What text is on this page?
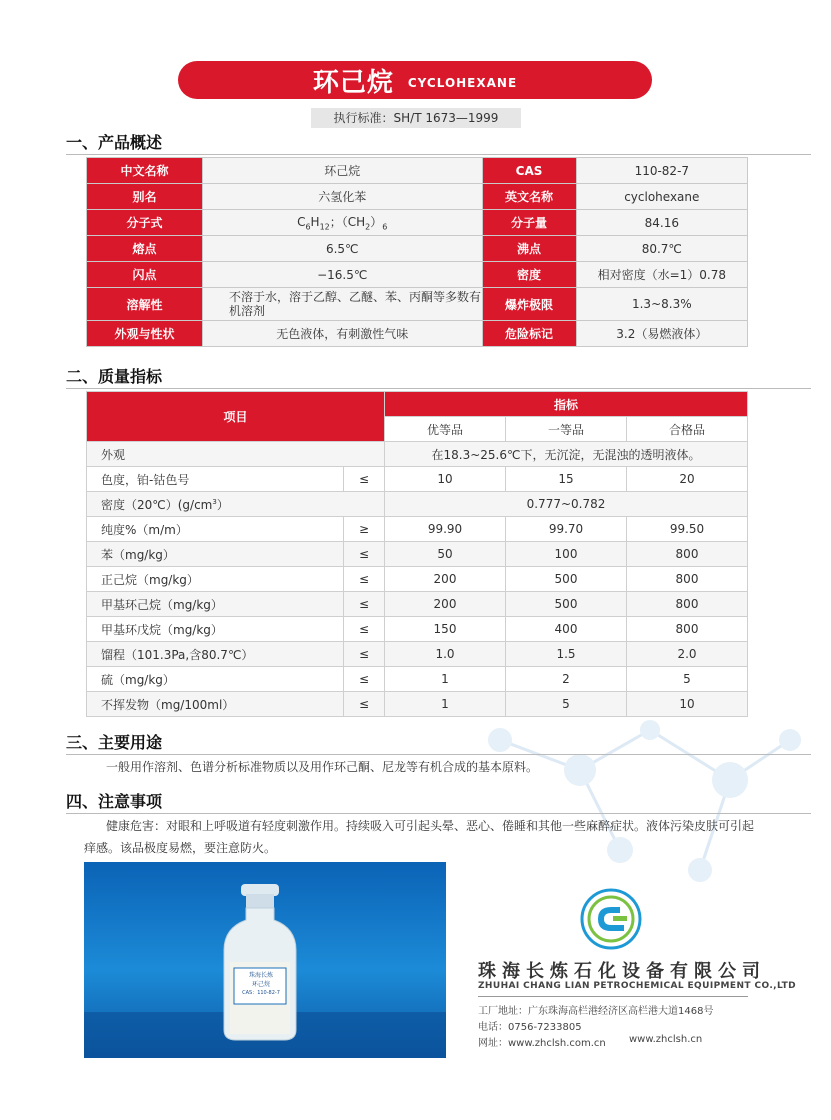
环己烷 CYCLOHEXANE
执行标准：SH/T 1673—1999
一、产品概述
中文名称	环己烷	CAS	110-82-7
别名	六氢化苯	英文名称	cyclohexane
分子式	$C_6H_{12}$；$(CH_2)_6$	分子量	84.16
熔点	6.5℃	沸点	80.7℃
闪点	−16.5℃	密度	相对密度（水=1）0.78
溶解性	不溶于水，溶于乙醇、乙醚、苯、丙酮等多数有机溶剂	爆炸极限	1.3~8.3%
外观与性状	无色液体，有刺激性气味	危险标记	3.2（易燃液体）
二、质量指标
项目		指标		
		优等品	一等品	合格品
外观		在18.3~25.6℃下，无沉淀，无混浊的透明液体。		
色度，铂-钴色号	≤	10	15	20
密度$(20℃)(g/cm^3)$		0.777~0.782		
纯度%（m/m）	≥	99.90	99.70	99.50
苯（mg/kg）	≤	50	100	800
正己烷（mg/kg）	≤	200	500	800
甲基环己烷（mg/kg）	≤	200	500	800
甲基环戊烷（mg/kg）	≤	150	400	800
馏程（101.3Pa,含80.7℃）	≤	1.0	1.5	2.0
硫（mg/kg）	≤	1	2	5
不挥发物（mg/100ml）	≤	1	5	10
三、主要用途
一般用作溶剂、色谱分析标准物质以及用作环己酮、尼龙等有机合成的基本原料。
四、注意事项
健康危害：对眼和上呼吸道有轻度刺激作用。持续吸入可引起头晕、恶心、倦睡和其他一些麻醉症状。液体污染皮肤可引起痒感。该品极度易燃，要注意防火。
珠海长炼
环己烷
CAS：110-82-7
珠海长炼石化设备有限公司
ZHUHAI CHANG LIAN PETROCHEMICAL EQUIPMENT CO.,LTD
工厂地址：广东珠海高栏港经济区高栏港大道1468号
电话：0756-7233805
网址：www.zhclsh.com.cn www.zhclsh.cn
